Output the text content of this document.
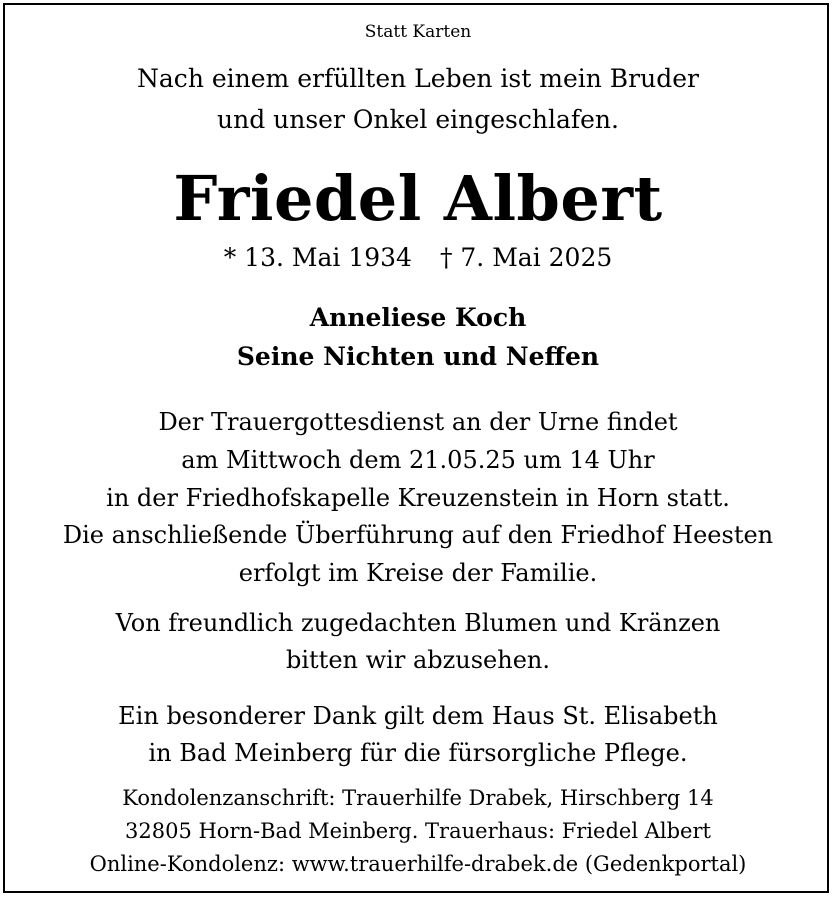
Statt Karten
Nach einem erfüllten Leben ist mein Bruder
und unser Onkel eingeschlafen.
Friedel Albert
* 13. Mai 1934 † 7. Mai 2025
Anneliese Koch
Seine Nichten und Neffen
Der Trauergottesdienst an der Urne findet
am Mittwoch dem 21.05.25 um 14 Uhr
in der Friedhofskapelle Kreuzenstein in Horn statt.
Die anschließende Überführung auf den Friedhof Heesten
erfolgt im Kreise der Familie.
Von freundlich zugedachten Blumen und Kränzen
bitten wir abzusehen.
Ein besonderer Dank gilt dem Haus St. Elisabeth
in Bad Meinberg für die fürsorgliche Pflege.
Kondolenzanschrift: Trauerhilfe Drabek, Hirschberg 14
32805 Horn-Bad Meinberg. Trauerhaus: Friedel Albert
Online-Kondolenz: www.trauerhilfe-drabek.de (Gedenkportal)
